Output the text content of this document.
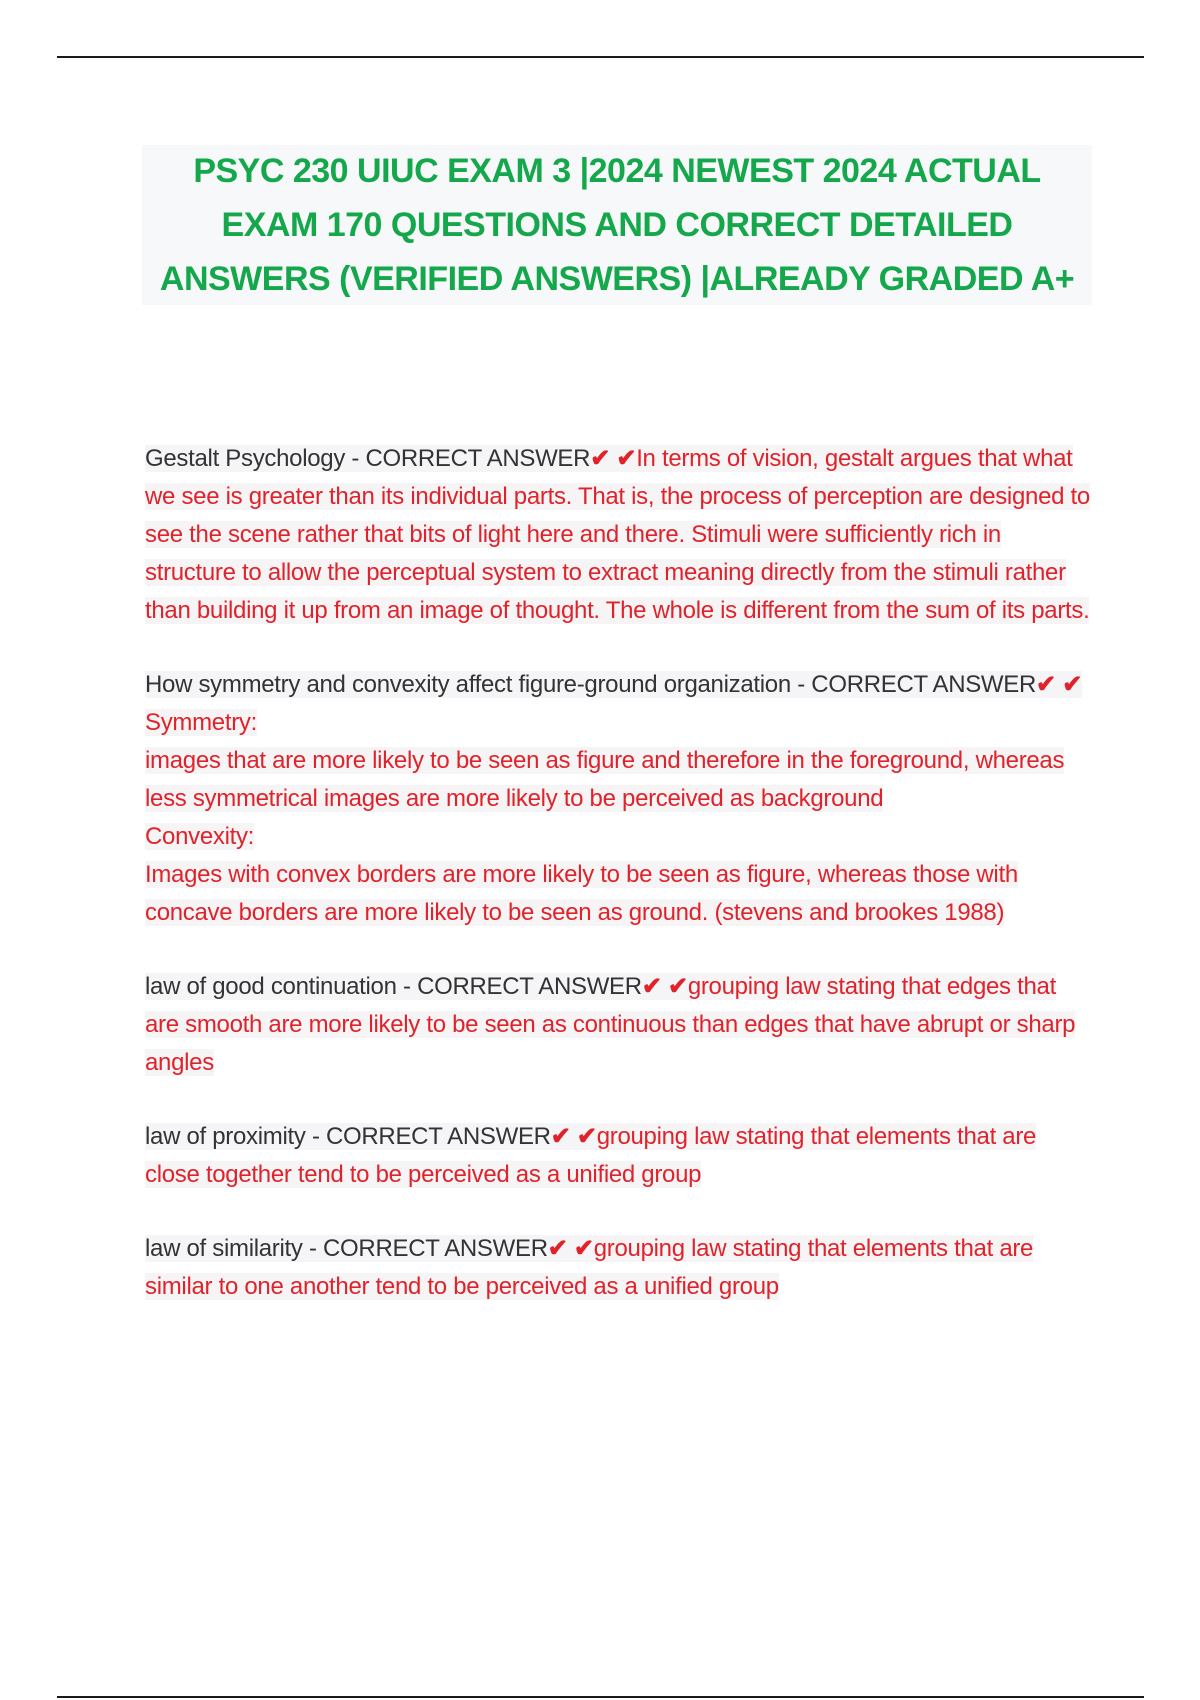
PSYC 230 UIUC EXAM 3 |2024 NEWEST 2024 ACTUAL EXAM 170 QUESTIONS AND CORRECT DETAILED ANSWERS (VERIFIED ANSWERS) |ALREADY GRADED A+

Gestalt Psychology - CORRECT ANSWER✔ ✔In terms of vision, gestalt argues that what we see is greater than its individual parts. That is, the process of perception are designed to see the scene rather that bits of light here and there. Stimuli were sufficiently rich in structure to allow the perceptual system to extract meaning directly from the stimuli rather than building it up from an image of thought. The whole is different from the sum of its parts.

How symmetry and convexity affect figure-ground organization - CORRECT ANSWER✔ ✔
Symmetry:
images that are more likely to be seen as figure and therefore in the foreground, whereas less symmetrical images are more likely to be perceived as background
Convexity:
Images with convex borders are more likely to be seen as figure, whereas those with concave borders are more likely to be seen as ground. (stevens and brookes 1988)

law of good continuation - CORRECT ANSWER✔ ✔grouping law stating that edges that are smooth are more likely to be seen as continuous than edges that have abrupt or sharp angles

law of proximity - CORRECT ANSWER✔ ✔grouping law stating that elements that are close together tend to be perceived as a unified group

law of similarity - CORRECT ANSWER✔ ✔grouping law stating that elements that are similar to one another tend to be perceived as a unified group
